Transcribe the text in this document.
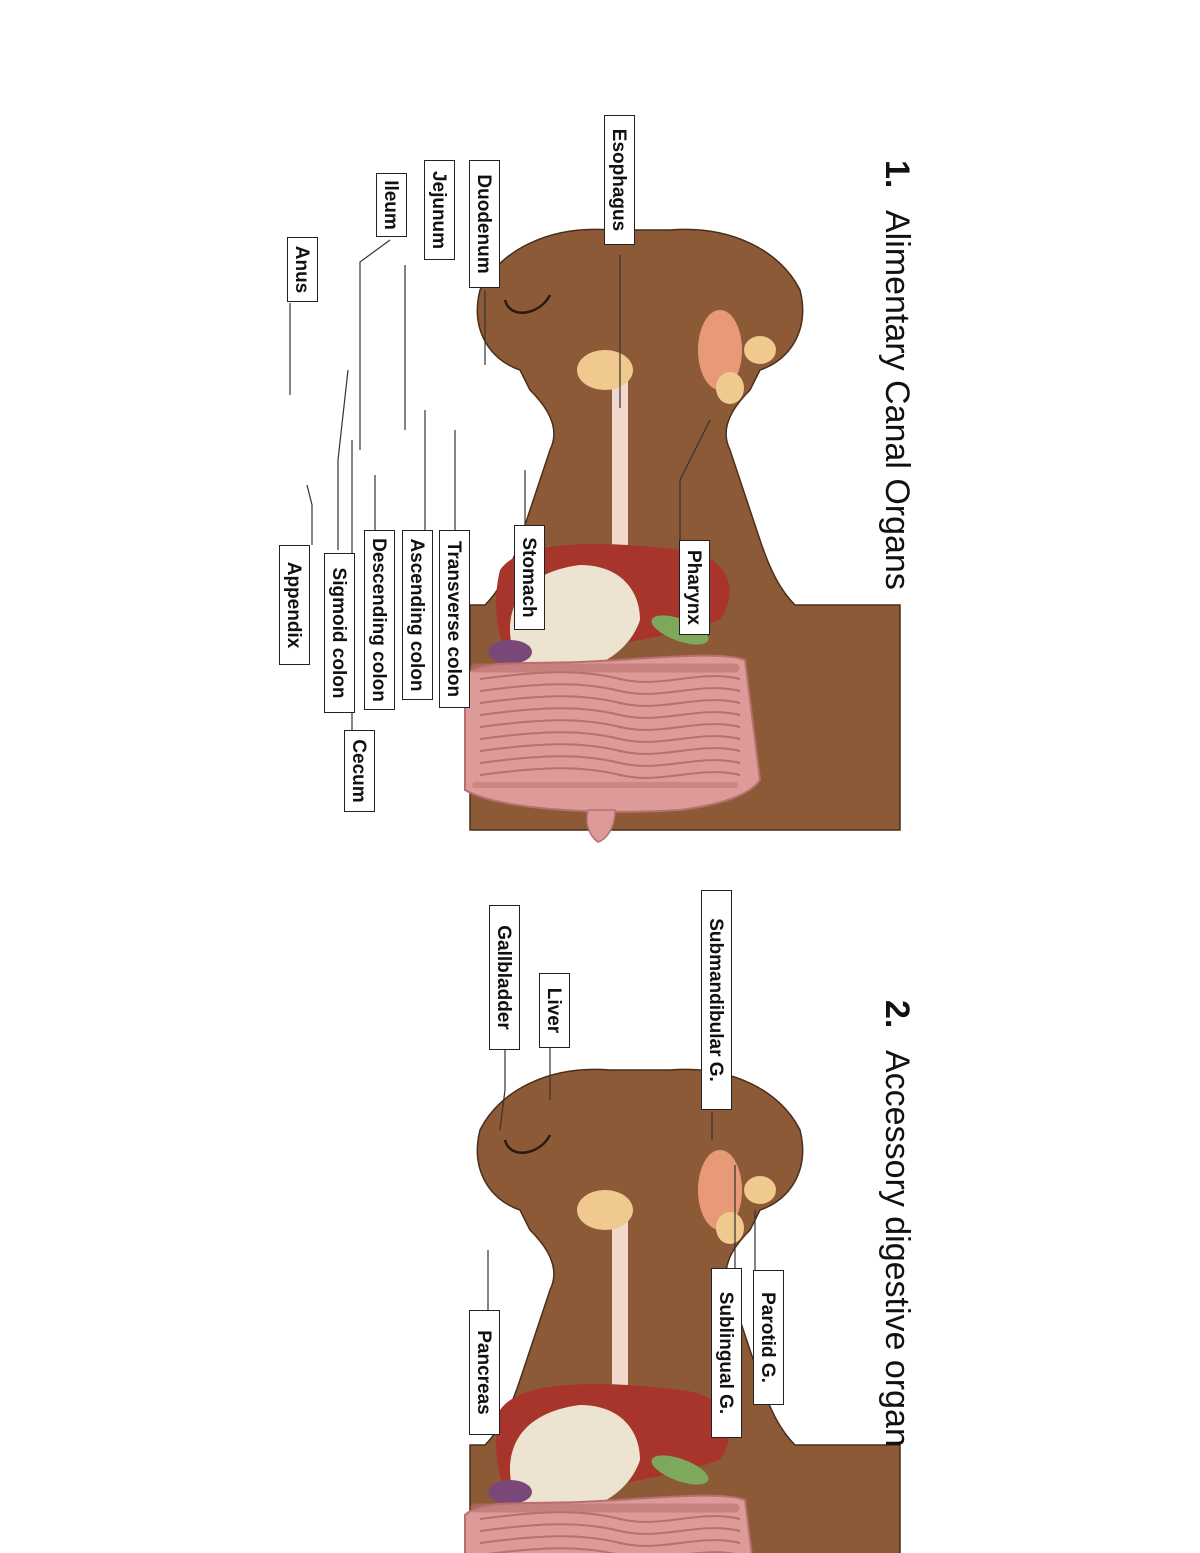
1.Alimentary Canal Organs
2.Accessory digestive organ
Esophagus
Pharynx
Duodenum
Jejunum
Ileum
Anus
Stomach
Transverse colon
Ascending colon
Descending colon
Sigmoid colon
Appendix
Cecum
Submandibular G.
Liver
Gallbladder
Parotid G.
Sublingual G.
Pancreas
